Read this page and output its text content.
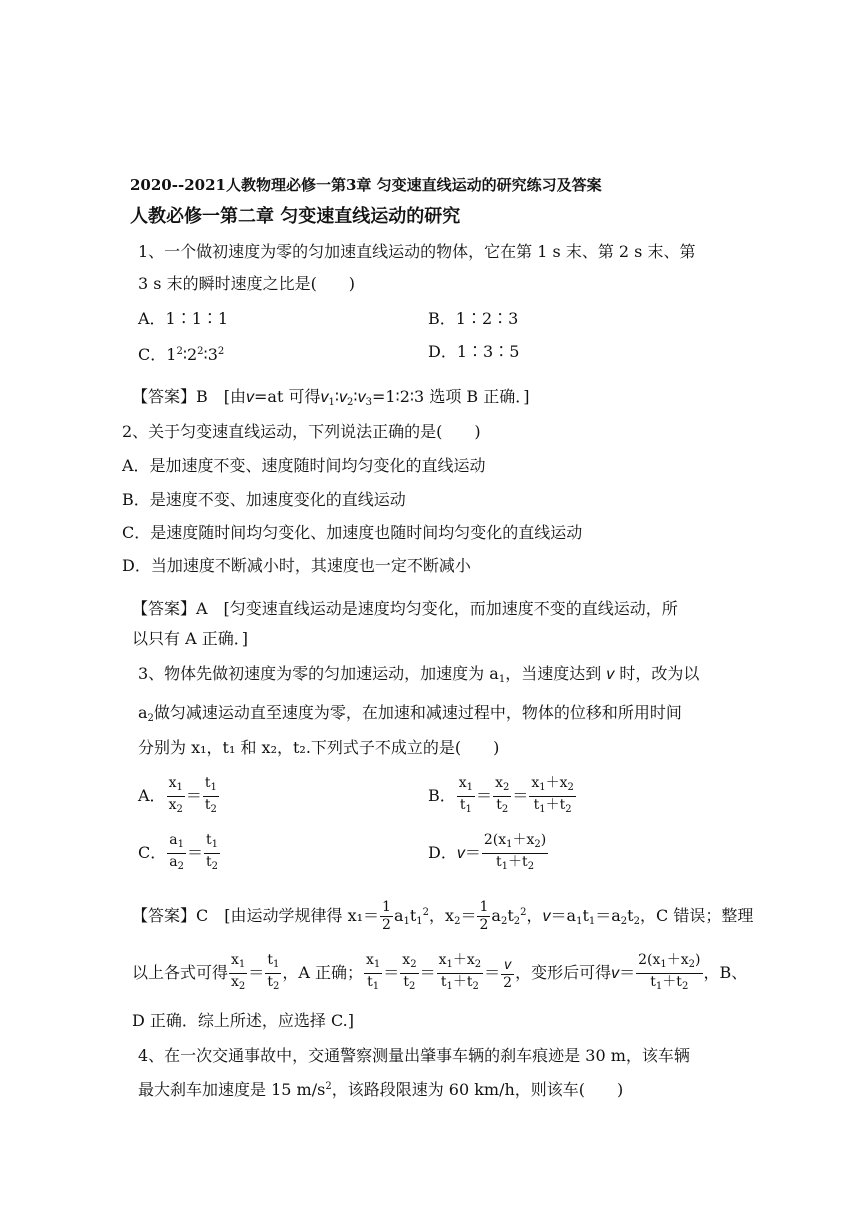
2020--2021人教物理必修一第3章 匀变速直线运动的研究练习及答案
人教必修一第二章 匀变速直线运动的研究
1、一个做初速度为零的匀加速直线运动的物体，它在第 1 s 末、第 2 s 末、第
3 s 末的瞬时速度之比是(　　)
A．1∶1∶1	B．1∶2∶3
C．$1^2∶2^2∶3^2$	D．1∶3∶5
【答案】B　[由v=at 可得$v_1∶v_2∶v_3=1∶2∶3$ 选项 B 正确．]
2、关于匀变速直线运动，下列说法正确的是(　　)
A．是加速度不变、速度随时间均匀变化的直线运动
B．是速度不变、加速度变化的直线运动
C．是速度随时间均匀变化、加速度也随时间均匀变化的直线运动
D．当加速度不断减小时，其速度也一定不断减小
【答案】A　[匀变速直线运动是速度均匀变化，而加速度不变的直线运动，所
以只有 A 正确．]
3、物体先做初速度为零的匀加速运动，加速度为 $a_1$，当速度达到 v 时，改为以
$a_2$做匀减速运动直至速度为零，在加速和减速过程中，物体的位移和所用时间
分别为 x₁，t₁ 和 x₂，t₂.下列式子不成立的是(　　)
A． $\frac{x_1}{x_2} = \frac{t_1}{t_2}$	B． $\frac{x_1}{t_1} = \frac{x_2}{t_2} = \frac{x_1+x_2}{t_1+t_2}$
C． $\frac{a_1}{a_2} = \frac{t_1}{t_2}$	D．$v= \frac{2(x_1+x_2)}{t_1+t_2}$
【答案】C　[由运动学规律得 $x_1= \frac{1}{2} a_1t_1^2$，$x_2= \frac{1}{2} a_2t_2^2$，$v=a_1t_1=a_2t_2$，C 错误；整理
以上各式可得 $\frac{x_1}{x_2} = \frac{t_1}{t_2}$ ，A 正确； $\frac{x_1}{t_1} = \frac{x_2}{t_2} = \frac{x_1+x_2}{t_1+t_2} = \frac{v}{2}$ ，变形后可得$v= \frac{2(x_1+x_2)}{t_1+t_2}$ ，B、
D 正确．综上所述，应选择 C.]
4、在一次交通事故中，交通警察测量出肇事车辆的刹车痕迹是 30 m，该车辆
最大刹车加速度是 15 $m/s^2$，该路段限速为 60 km/h，则该车(　　)
